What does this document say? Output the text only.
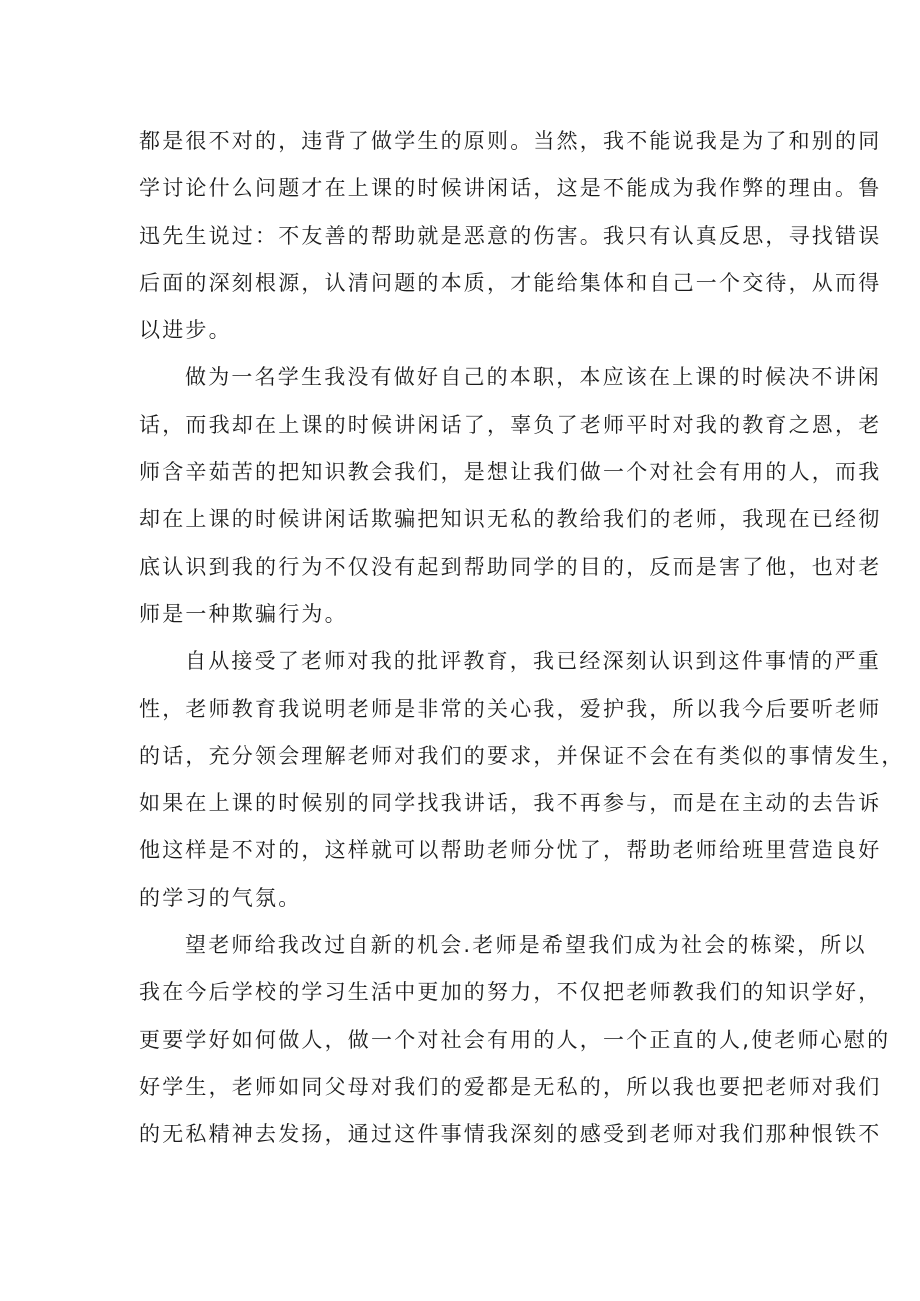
都是很不对的，违背了做学生的原则。当然，我不能说我是为了和别的同
学讨论什么问题才在上课的时候讲闲话，这是不能成为我作弊的理由。鲁
迅先生说过：不友善的帮助就是恶意的伤害。我只有认真反思，寻找错误
后面的深刻根源，认清问题的本质，才能给集体和自己一个交待，从而得
以进步。
做为一名学生我没有做好自己的本职，本应该在上课的时候决不讲闲
话，而我却在上课的时候讲闲话了，辜负了老师平时对我的教育之恩，老
师含辛茹苦的把知识教会我们，是想让我们做一个对社会有用的人，而我
却在上课的时候讲闲话欺骗把知识无私的教给我们的老师，我现在已经彻
底认识到我的行为不仅没有起到帮助同学的目的，反而是害了他，也对老
师是一种欺骗行为。
自从接受了老师对我的批评教育，我已经深刻认识到这件事情的严重
性，老师教育我说明老师是非常的关心我，爱护我，所以我今后要听老师
的话，充分领会理解老师对我们的要求，并保证不会在有类似的事情发生，
如果在上课的时候别的同学找我讲话，我不再参与，而是在主动的去告诉
他这样是不对的，这样就可以帮助老师分忧了，帮助老师给班里营造良好
的学习的气氛。
望老师给我改过自新的机会.老师是希望我们成为社会的栋梁，所以
我在今后学校的学习生活中更加的努力，不仅把老师教我们的知识学好，
更要学好如何做人，做一个对社会有用的人，一个正直的人,使老师心慰的
好学生，老师如同父母对我们的爱都是无私的，所以我也要把老师对我们
的无私精神去发扬，通过这件事情我深刻的感受到老师对我们那种恨铁不
